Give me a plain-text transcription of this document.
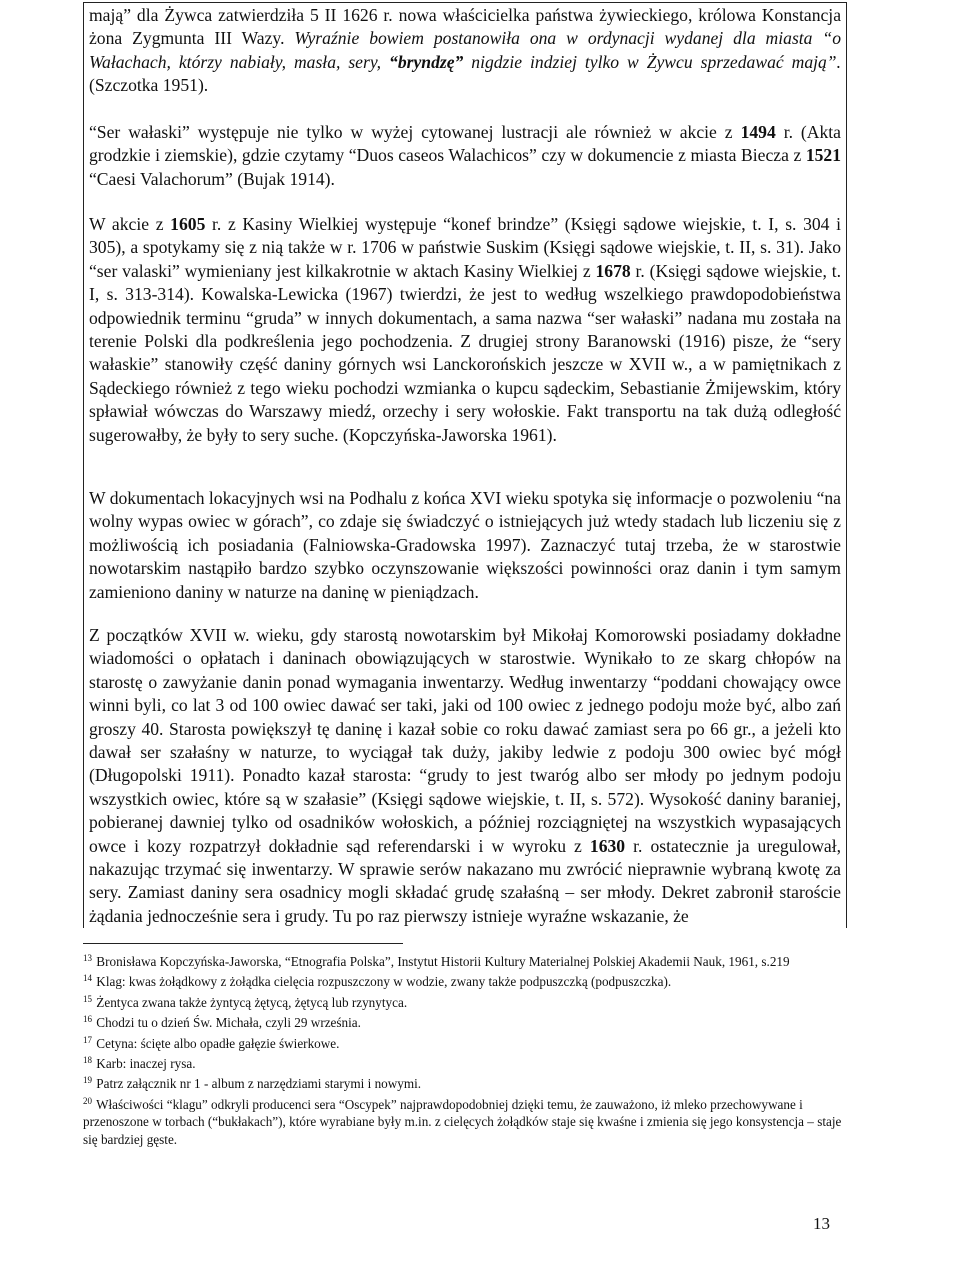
mają” dla Żywca zatwierdziła 5 II 1626 r. nowa właścicielka państwa żywieckiego, królowa Konstancja żona Zygmunta III Wazy. Wyraźnie bowiem postanowiła ona w ordynacji wydanej dla miasta “o Wałachach, którzy nabiały, masła, sery, “bryndzę” nigdzie indziej tylko w Żywcu sprzedawać mają”. (Szczotka 1951).

“Ser wałaski” występuje nie tylko w wyżej cytowanej lustracji ale również w akcie z 1494 r. (Akta grodzkie i ziemskie), gdzie czytamy “Duos caseos Walachicos” czy w dokumencie z miasta Biecza z 1521 “Caesi Valachorum” (Bujak 1914).

W akcie z 1605 r. z Kasiny Wielkiej występuje “konef brindze” (Księgi sądowe wiejskie, t. I, s. 304 i 305), a spotykamy się z nią także w r. 1706 w państwie Suskim (Księgi sądowe wiejskie, t. II, s. 31). Jako “ser valaski” wymieniany jest kilkakrotnie w aktach Kasiny Wielkiej z 1678 r. (Księgi sądowe wiejskie, t. I, s. 313-314). Kowalska-Lewicka (1967) twierdzi, że jest to według wszelkiego prawdopodobieństwa odpowiednik terminu “gruda” w innych dokumentach, a sama nazwa “ser wałaski” nadana mu została na terenie Polski dla podkreślenia jego pochodzenia. Z drugiej strony Baranowski (1916) pisze, że “sery wałaskie” stanowiły część daniny górnych wsi Lanckorońskich jeszcze w XVII w., a w pamiętnikach z Sądeckiego również z tego wieku pochodzi wzmianka o kupcu sądeckim, Sebastianie Żmijewskim, który spławiał wówczas do Warszawy miedź, orzechy i sery wołoskie. Fakt transportu na tak dużą odległość sugerowałby, że były to sery suche. (Kopczyńska-Jaworska 1961).

W dokumentach lokacyjnych wsi na Podhalu z końca XVI wieku spotyka się informacje o pozwoleniu “na wolny wypas owiec w górach”, co zdaje się świadczyć o istniejących już wtedy stadach lub liczeniu się z możliwością ich posiadania (Falniowska-Gradowska 1997). Zaznaczyć tutaj trzeba, że w starostwie nowotarskim nastąpiło bardzo szybko oczynszowanie większości powinności oraz danin i tym samym zamieniono daniny w naturze na daninę w pieniądzach.

Z początków XVII w. wieku, gdy starostą nowotarskim był Mikołaj Komorowski posiadamy dokładne wiadomości o opłatach i daninach obowiązujących w starostwie. Wynikało to ze skarg chłopów na starostę o zawyżanie danin ponad wymagania inwentarzy. Według inwentarzy “poddani chowający owce winni byli, co lat 3 od 100 owiec dawać ser taki, jaki od 100 owiec z jednego podoju może być, albo zań groszy 40. Starosta powiększył tę daninę i kazał sobie co roku dawać zamiast sera po 66 gr., a jeżeli kto dawał ser szałaśny w naturze, to wyciągał tak duży, jakiby ledwie z podoju 300 owiec być mógł (Długopolski 1911). Ponadto kazał starosta: “grudy to jest twaróg albo ser młody po jednym podoju wszystkich owiec, które są w szałasie” (Księgi sądowe wiejskie, t. II, s. 572). Wysokość daniny baraniej, pobieranej dawniej tylko od osadników wołoskich, a później rozciągniętej na wszystkich wypasających owce i kozy rozpatrzył dokładnie sąd referendarski i w wyroku z 1630 r. ostatecznie ja uregulował, nakazując trzymać się inwentarzy. W sprawie serów nakazano mu zwrócić nieprawnie wybraną kwotę za sery. Zamiast daniny sera osadnicy mogli składać grudę szałaśną – ser młody. Dekret zabronił staroście żądania jednocześnie sera i grudy. Tu po raz pierwszy istnieje wyraźne wskazanie, że

$^{13}$ Bronisława Kopczyńska-Jaworska, “Etnografia Polska”, Instytut Historii Kultury Materialnej Polskiej Akademii Nauk, 1961, s.219

$^{14}$ Klag: kwas żołądkowy z żołądka cielęcia rozpuszczony w wodzie, zwany także podpuszczką (podpuszczka).

$^{15}$ Żentyca zwana także żyntycą żętycą, żętycą lub rzynytyca.

$^{16}$ Chodzi tu o dzień Św. Michała, czyli 29 września.

$^{17}$ Cetyna: ścięte albo opadłe gałęzie świerkowe.

$^{18}$ Karb: inaczej rysa.

$^{19}$ Patrz załącznik nr 1 - album z narzędziami starymi i nowymi.

$^{20}$ Właściwości “klagu” odkryli producenci sera “Oscypek” najprawdopodobniej dzięki temu, że zauważono, iż mleko przechowywane i przenoszone w torbach (“bukłakach”), które wyrabiane były m.in. z cielęcych żołądków staje się kwaśne i zmienia się jego konsystencja – staje się bardziej gęste.

13
